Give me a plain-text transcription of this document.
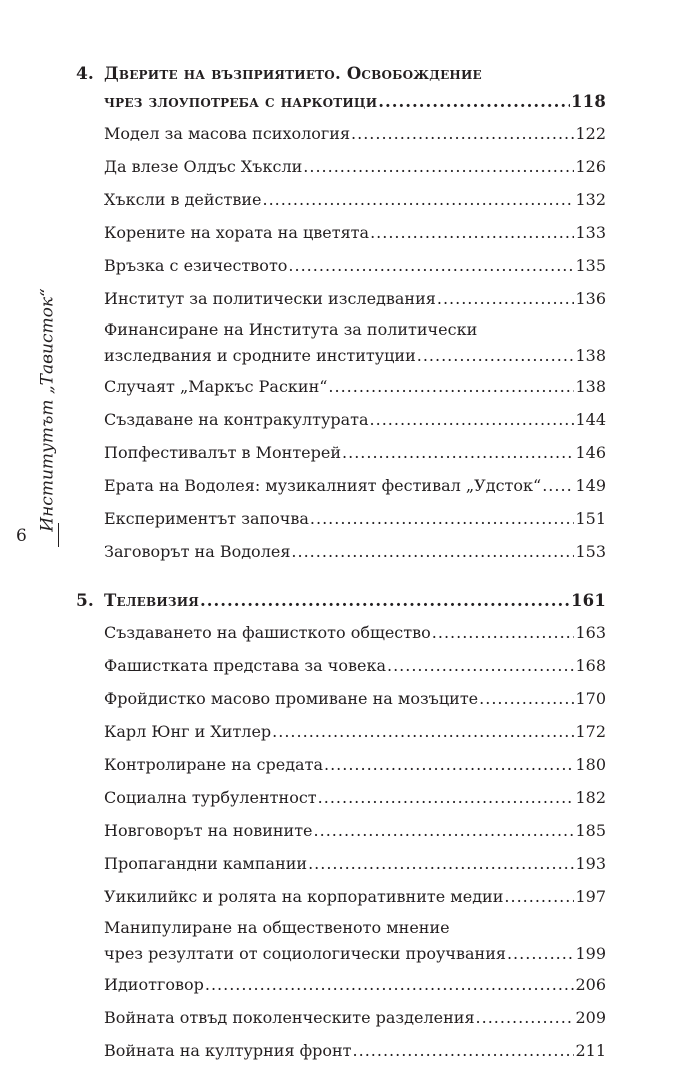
Институтът „Тависток“
6
4. Дверите на възприятието. Освобождение
чрез злоупотреба с наркотици .....	118
Модел за масова психология .....	122
Да влезе Олдъс Хъксли .....	126
Хъксли в действие .....	132
Корените на хората на цветята .....	133
Връзка с езичеството .....	135
Институт за политически изследвания .....	136
Финансиране на Института за политически
изследвания и сродните институции .....	138
Случаят „Маркъс Раскин“ .....	138
Създаване на контракултурата .....	144
Попфестивалът в Монтерей .....	146
Ерата на Водолея: музикалният фестивал „Удсток“ ..... 149
Експериментът започва .....	151
Заговорът на Водолея .....	153
5. Телевизия .....	161
Създаването на фашисткото общество .....	163
Фашистката представа за човека .....	168
Фройдистко масово промиване на мозъците .....	170
Карл Юнг и Хитлер .....	172
Контролиране на средата .....	180
Социална турбулентност .....	182
Новговорът на новините .....	185
Пропагандни кампании .....	193
Уикилийкс и ролята на корпоративните медии .....	197
Манипулиране на общественото мнение
чрез резултати от социологически проучвания .....	199
Идиотговор .....	206
Войната отвъд поколенческите разделения .....	209
Войната на културния фронт .....	211
